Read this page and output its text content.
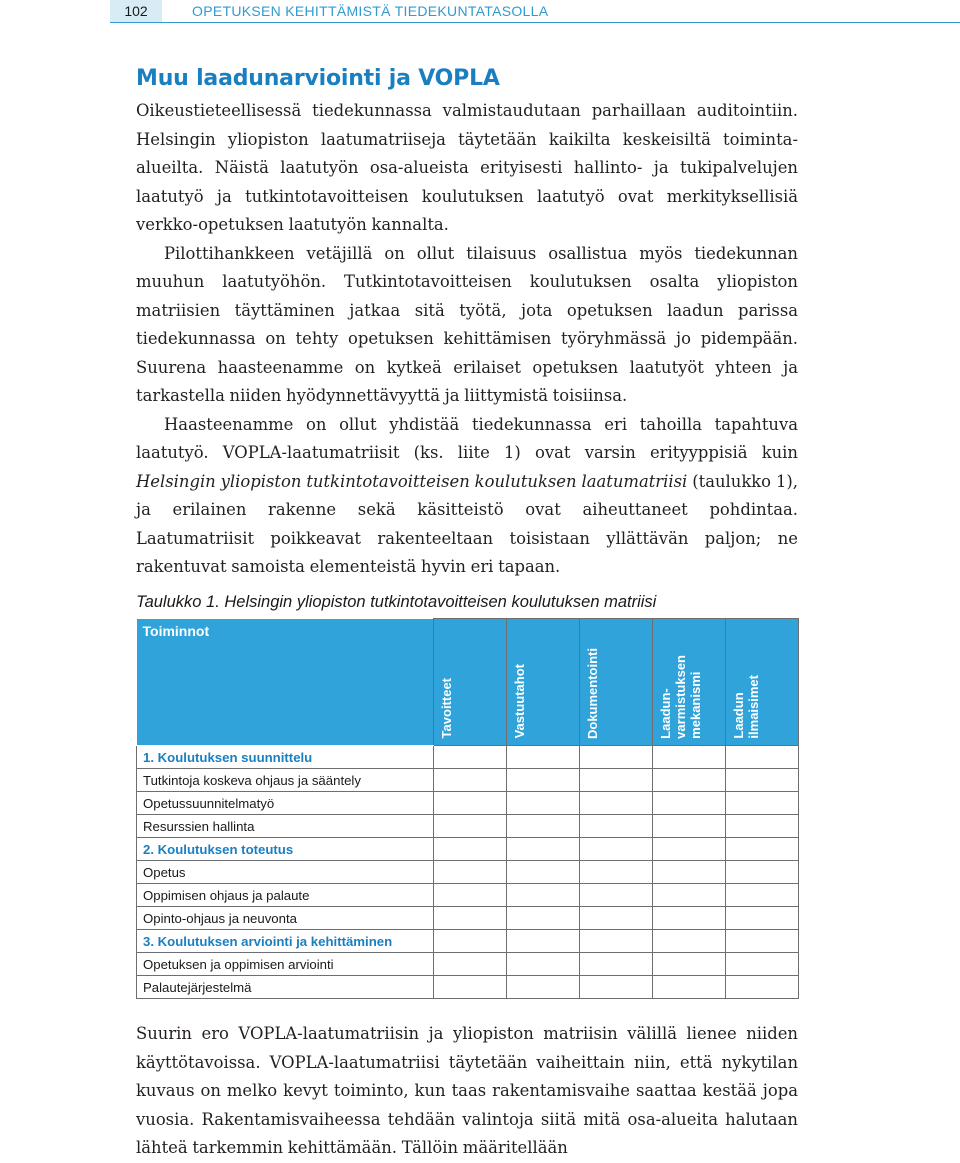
102	OPETUKSEN KEHITTÄMISTÄ TIEDEKUNTATASOLLA
Muu laadunarviointi ja VOPLA

Oikeustieteellisessä tiedekunnassa valmistaudutaan parhaillaan auditointiin. Helsingin yliopiston laatumatriiseja täytetään kaikilta keskeisiltä toiminta-alueilta. Näistä laatutyön osa-alueista erityisesti hallinto- ja tukipalvelujen laatutyö ja tutkintotavoitteisen koulutuksen laatutyö ovat merkityksellisiä verkko-opetuksen laatutyön kannalta.

Pilottihankkeen vetäjillä on ollut tilaisuus osallistua myös tiedekunnan muuhun laatutyöhön. Tutkintotavoitteisen koulutuksen osalta yliopiston matriisien täyttäminen jatkaa sitä työtä, jota opetuksen laadun parissa tiedekunnassa on tehty opetuksen kehittämisen työryhmässä jo pidempään. Suurena haasteenamme on kytkeä erilaiset opetuksen laatutyöt yhteen ja tarkastella niiden hyödynnettävyyttä ja liittymistä toisiinsa.

Haasteenamme on ollut yhdistää tiedekunnassa eri tahoilla tapahtuva laatutyö. VOPLA-laatumatriisit (ks. liite 1) ovat varsin erityyppisiä kuin Helsingin yliopiston tutkintotavoitteisen koulutuksen laatumatriisi (taulukko 1), ja erilainen rakenne sekä käsitteistö ovat aiheuttaneet pohdintaa. Laatumatriisit poikkeavat rakenteeltaan toisistaan yllättävän paljon; ne rakentuvat samoista elementeistä hyvin eri tapaan.

Taulukko 1. Helsingin yliopiston tutkintotavoitteisen koulutuksen matriisi
Toiminnot	Tavoitteet	Vastuutahot	Dokumentointi	Laadun-
varmistuksen
mekanismi	Laadun
ilmaisimet

1. Koulutuksen suunnittelu					
Tutkintoja koskeva ohjaus ja sääntely					
Opetussuunnitelmatyö					
Resurssien hallinta					
2. Koulutuksen toteutus					
Opetus					
Oppimisen ohjaus ja palaute					
Opinto-ohjaus ja neuvonta					
3. Koulutuksen arviointi ja kehittäminen					
Opetuksen ja oppimisen arviointi					
Palautejärjestelmä					

Suurin ero VOPLA-laatumatriisin ja yliopiston matriisin välillä lienee niiden käyttötavoissa. VOPLA-laatumatriisi täytetään vaiheittain niin, että nykytilan kuvaus on melko kevyt toiminto, kun taas rakentamisvaihe saattaa kestää jopa vuosia. Rakentamisvaiheessa tehdään valintoja siitä mitä osa-alueita halutaan lähteä tarkemmin kehittämään. Tällöin määritellään
